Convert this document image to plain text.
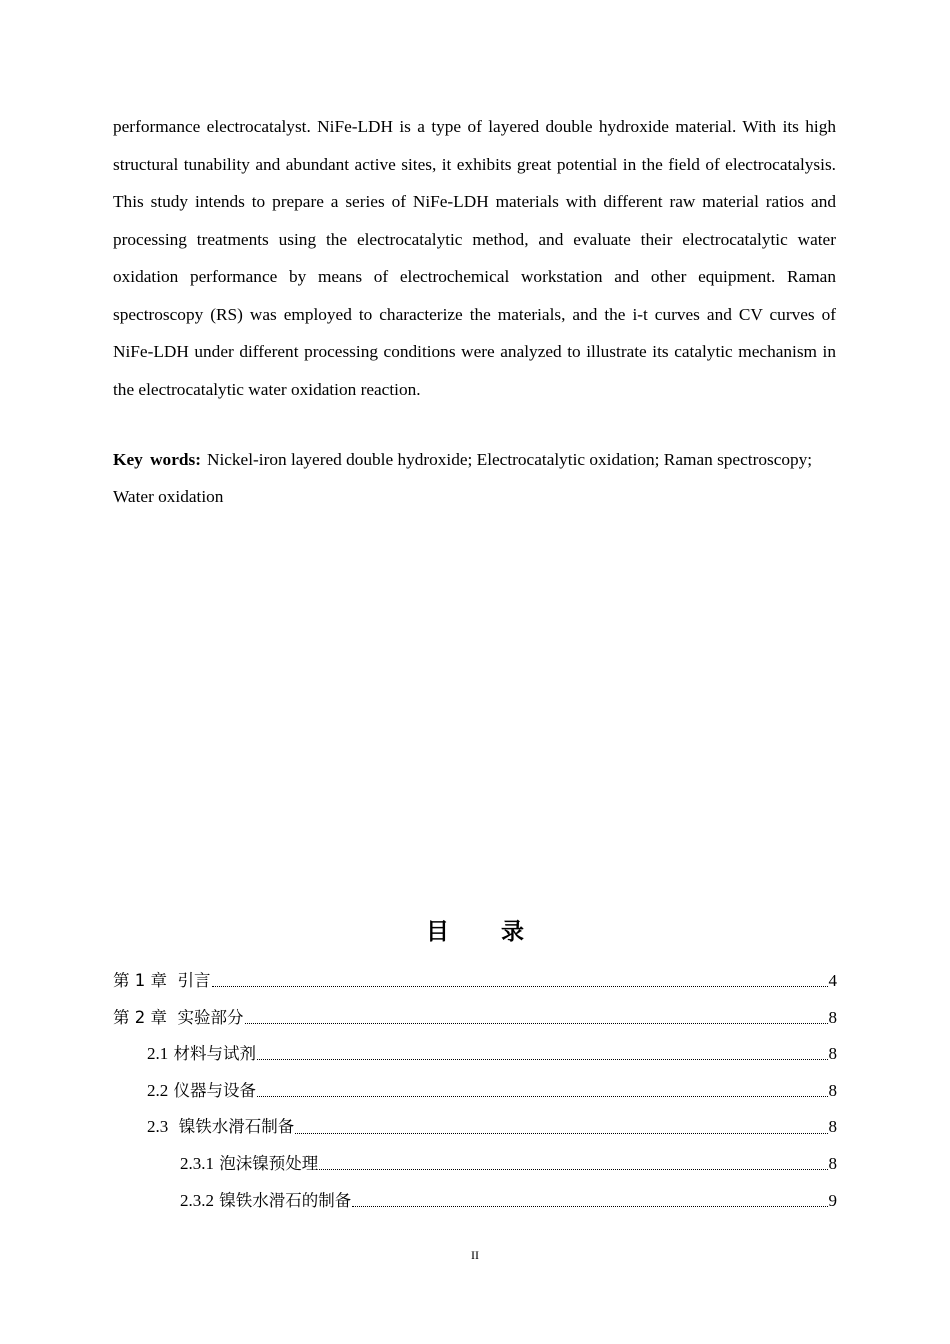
performance electrocatalyst. NiFe-LDH is a type of layered double hydroxide material. With its high structural tunability and abundant active sites, it exhibits great potential in the field of electrocatalysis. This study intends to prepare a series of NiFe-LDH materials with different raw material ratios and processing treatments using the electrocatalytic method, and evaluate their electrocatalytic water oxidation performance by means of electrochemical workstation and other equipment. Raman spectroscopy (RS) was employed to characterize the materials, and the i-t curves and CV curves of NiFe-LDH under different processing conditions were analyzed to illustrate its catalytic mechanism in the electrocatalytic water oxidation reaction.

Key words: Nickel-iron layered double hydroxide; Electrocatalytic oxidation; Raman spectroscopy; Water oxidation

目 录
第 1 章 引言	4
第 2 章 实验部分	8
2.1 材料与试剂	8
2.2 仪器与设备	8
2.3 镍铁水滑石制备	8
2.3.1 泡沫镍预处理	8
2.3.2 镍铁水滑石的制备	9
II
